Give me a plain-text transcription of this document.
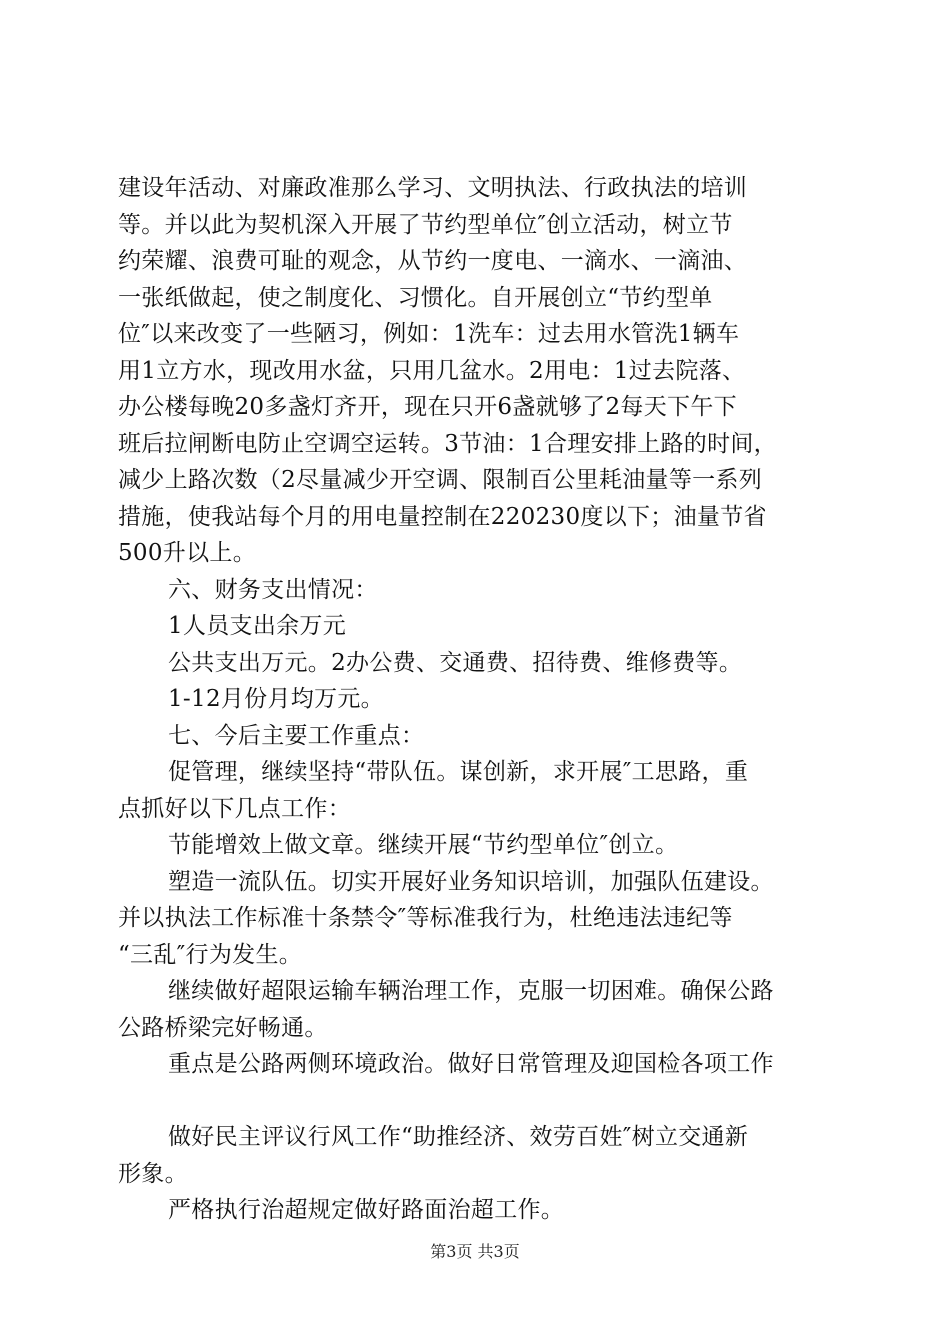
建设年活动、对廉政准那么学习、文明执法、行政执法的培训
等。并以此为契机深入开展了节约型单位″创立活动，树立节
约荣耀、浪费可耻的观念，从节约一度电、一滴水、一滴油、
一张纸做起，使之制度化、习惯化。自开展创立“节约型单
位″以来改变了一些陋习，例如：1洗车：过去用水管洗1辆车
用1立方水，现改用水盆，只用几盆水。2用电：1过去院落、
办公楼每晚20多盏灯齐开，现在只开6盏就够了2每天下午下
班后拉闸断电防止空调空运转。3节油：1合理安排上路的时间，
减少上路次数（2尽量减少开空调、限制百公里耗油量等一系列
措施，使我站每个月的用电量控制在220230度以下；油量节省
500升以上。
六、财务支出情况：
1人员支出余万元
公共支出万元。2办公费、交通费、招待费、维修费等。
1-12月份月均万元。
七、今后主要工作重点：
促管理，继续坚持“带队伍。谋创新，求开展″工思路，重
点抓好以下几点工作：
节能增效上做文章。继续开展“节约型单位″创立。
塑造一流队伍。切实开展好业务知识培训，加强队伍建设。
并以执法工作标准十条禁令″等标准我行为，杜绝违法违纪等
“三乱″行为发生。
继续做好超限运输车辆治理工作，克服一切困难。确保公路
公路桥梁完好畅通。
重点是公路两侧环境政治。做好日常管理及迎国检各项工作
做好民主评议行风工作“助推经济、效劳百姓″树立交通新
形象。
严格执行治超规定做好路面治超工作。
第3页 共3页
